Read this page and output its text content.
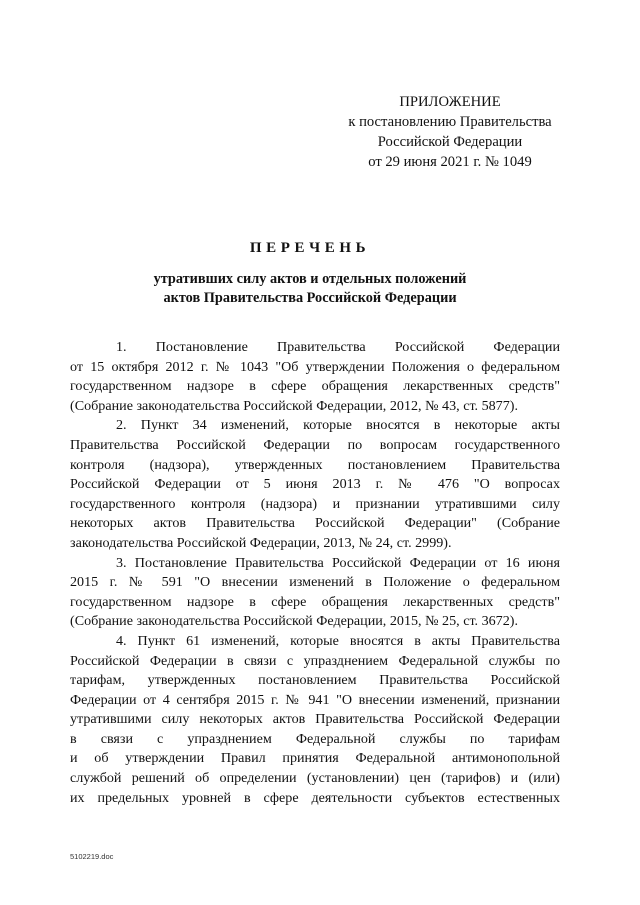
ПРИЛОЖЕНИЕ
к постановлению Правительства
Российской Федерации
от 29 июня 2021 г. № 1049
ПЕРЕЧЕНЬ
утративших силу актов и отдельных положений
актов Правительства Российской Федерации
1. Постановление Правительства Российской Федерации
от 15 октября 2012 г. № 1043 "Об утверждении Положения о федеральном
государственном надзоре в сфере обращения лекарственных средств"
(Собрание законодательства Российской Федерации, 2012, № 43, ст. 5877).
2. Пункт 34 изменений, которые вносятся в некоторые акты
Правительства Российской Федерации по вопросам государственного
контроля (надзора), утвержденных постановлением Правительства
Российской Федерации от 5 июня 2013 г. № 476 "О вопросах
государственного контроля (надзора) и признании утратившими силу
некоторых актов Правительства Российской Федерации" (Собрание
законодательства Российской Федерации, 2013, № 24, ст. 2999).
3. Постановление Правительства Российской Федерации от 16 июня
2015 г. № 591 "О внесении изменений в Положение о федеральном
государственном надзоре в сфере обращения лекарственных средств"
(Собрание законодательства Российской Федерации, 2015, № 25, ст. 3672).
4. Пункт 61 изменений, которые вносятся в акты Правительства
Российской Федерации в связи с упразднением Федеральной службы по
тарифам, утвержденных постановлением Правительства Российской
Федерации от 4 сентября 2015 г. № 941 "О внесении изменений, признании
утратившими силу некоторых актов Правительства Российской Федерации
в связи с упразднением Федеральной службы по тарифам
и об утверждении Правил принятия Федеральной антимонопольной
службой решений об определении (установлении) цен (тарифов) и (или)
их предельных уровней в сфере деятельности субъектов естественных
5102219.doc
